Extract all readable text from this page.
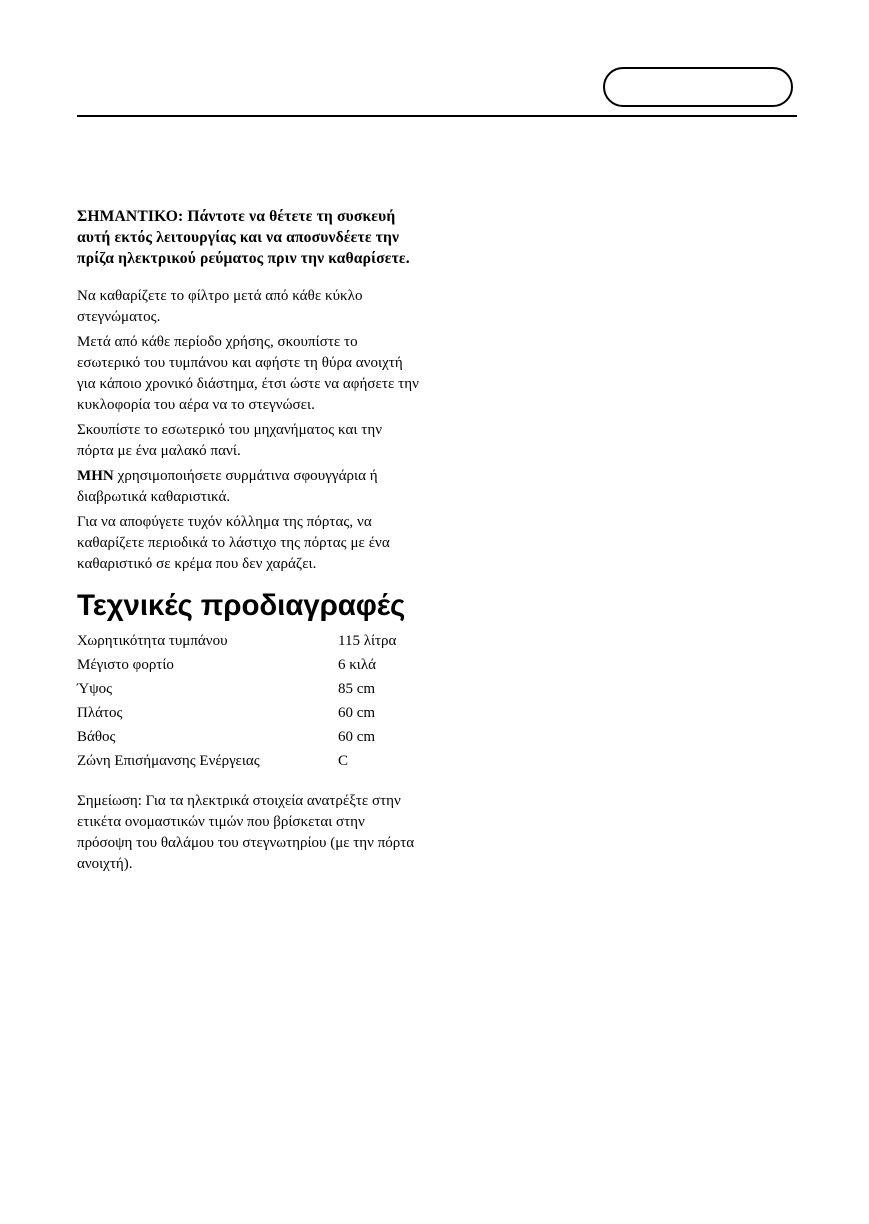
ΣΗΜΑΝΤΙΚΟ: Πάντοτε να θέτετε τη συσκευή αυτή εκτός λειτουργίας και να αποσυνδέετε την πρίζα ηλεκτρικού ρεύματος πριν την καθαρίσετε.

Να καθαρίζετε το φίλτρο μετά από κάθε κύκλο στεγνώματος.

Μετά από κάθε περίοδο χρήσης, σκουπίστε το εσωτερικό του τυμπάνου και αφήστε τη θύρα ανοιχτή για κάποιο χρονικό διάστημα, έτσι ώστε να αφήσετε την κυκλοφορία του αέρα να το στεγνώσει.

Σκουπίστε το εσωτερικό του μηχανήματος και την πόρτα με ένα μαλακό πανί.

ΜΗΝ χρησιμοποιήσετε συρμάτινα σφουγγάρια ή διαβρωτικά καθαριστικά.

Για να αποφύγετε τυχόν κόλλημα της πόρτας, να καθαρίζετε περιοδικά το λάστιχο της πόρτας με ένα καθαριστικό σε κρέμα που δεν χαράζει.

Τεχνικές προδιαγραφές
Χωρητικότητα τυμπάνου	115 λίτρα
Μέγιστο φορτίο	6 κιλά
Ύψος	85 cm
Πλάτος	60 cm
Βάθος	60 cm
Ζώνη Επισήμανσης Ενέργειας	C

Σημείωση: Για τα ηλεκτρικά στοιχεία ανατρέξτε στην ετικέτα ονομαστικών τιμών που βρίσκεται στην πρόσοψη του θαλάμου του στεγνωτηρίου (με την πόρτα ανοιχτή).
